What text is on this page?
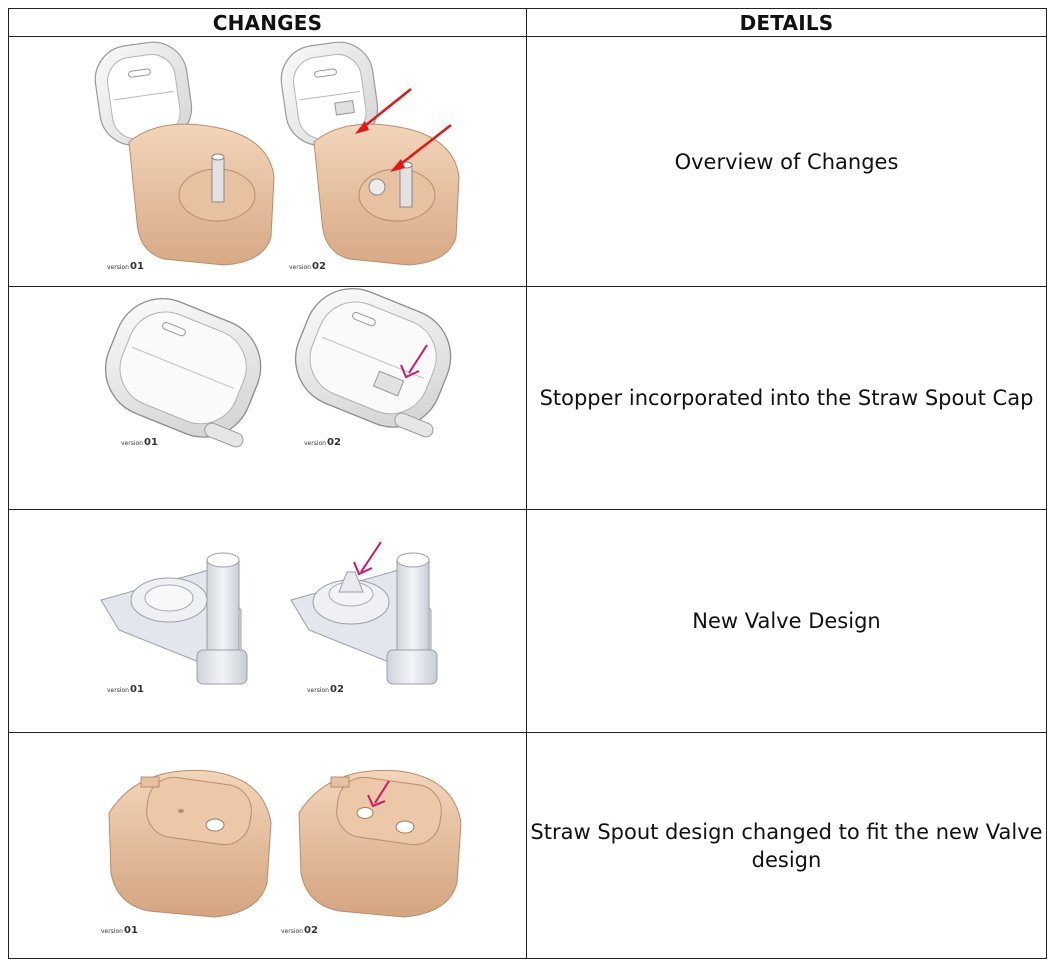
CHANGES	DETAILS

version01 version02	Overview of Changes

version01 version02	Stopper incorporated into the Straw Spout Cap

version01 version02	New Valve Design

version01 version02	Straw Spout design changed to fit the new Valve design
